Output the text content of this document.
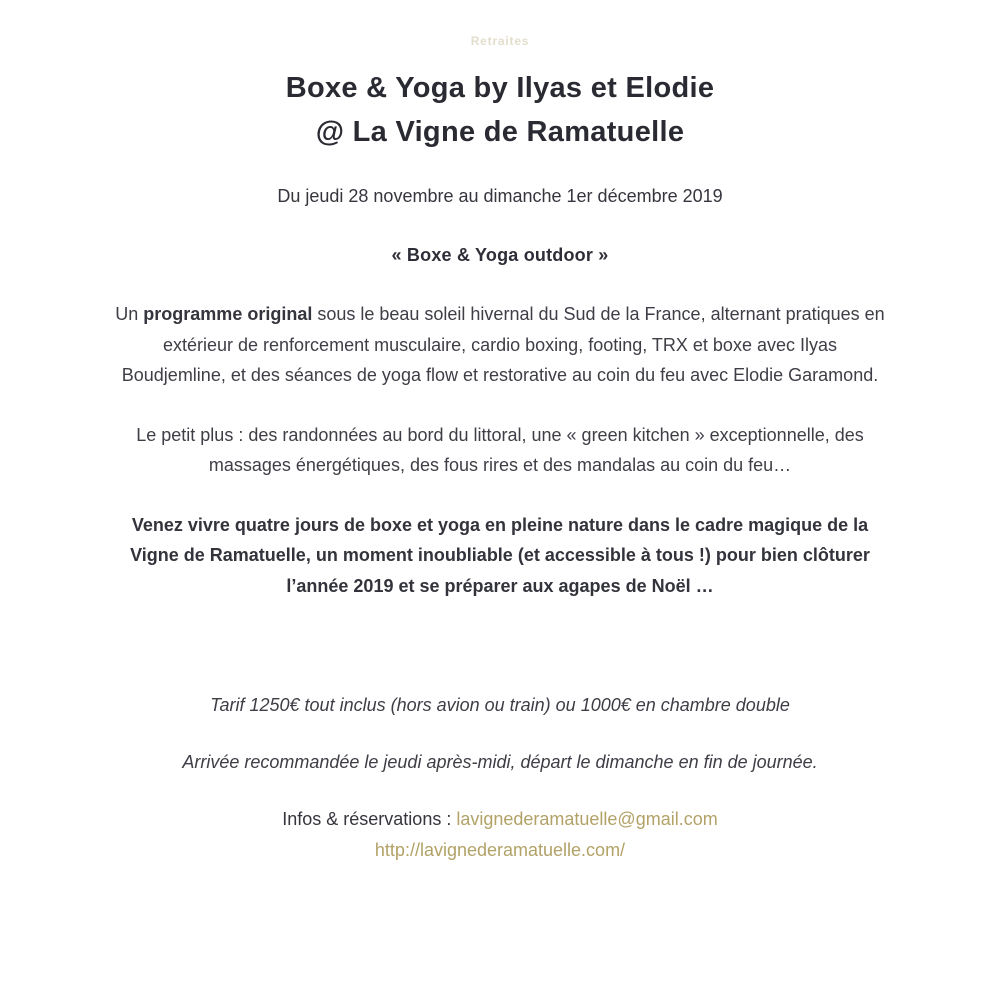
Retraites
Boxe & Yoga by Ilyas et Elodie
@ La Vigne de Ramatuelle

Du jeudi 28 novembre au dimanche 1er décembre 2019

« Boxe & Yoga outdoor »

Un programme original sous le beau soleil hivernal du Sud de la France, alternant pratiques en extérieur de renforcement musculaire, cardio boxing, footing, TRX et boxe avec Ilyas Boudjemline, et des séances de yoga flow et restorative au coin du feu avec Elodie Garamond.

Le petit plus : des randonnées au bord du littoral, une « green kitchen » exceptionnelle, des massages énergétiques, des fous rires et des mandalas au coin du feu…

Venez vivre quatre jours de boxe et yoga en pleine nature dans le cadre magique de la Vigne de Ramatuelle, un moment inoubliable (et accessible à tous !) pour bien clôturer l’année 2019 et se préparer aux agapes de Noël …

Tarif 1250€ tout inclus (hors avion ou train) ou 1000€ en chambre double

Arrivée recommandée le jeudi après-midi, départ le dimanche en fin de journée.

Infos & réservations : lavignederamatuelle@gmail.com
http://lavignederamatuelle.com/
